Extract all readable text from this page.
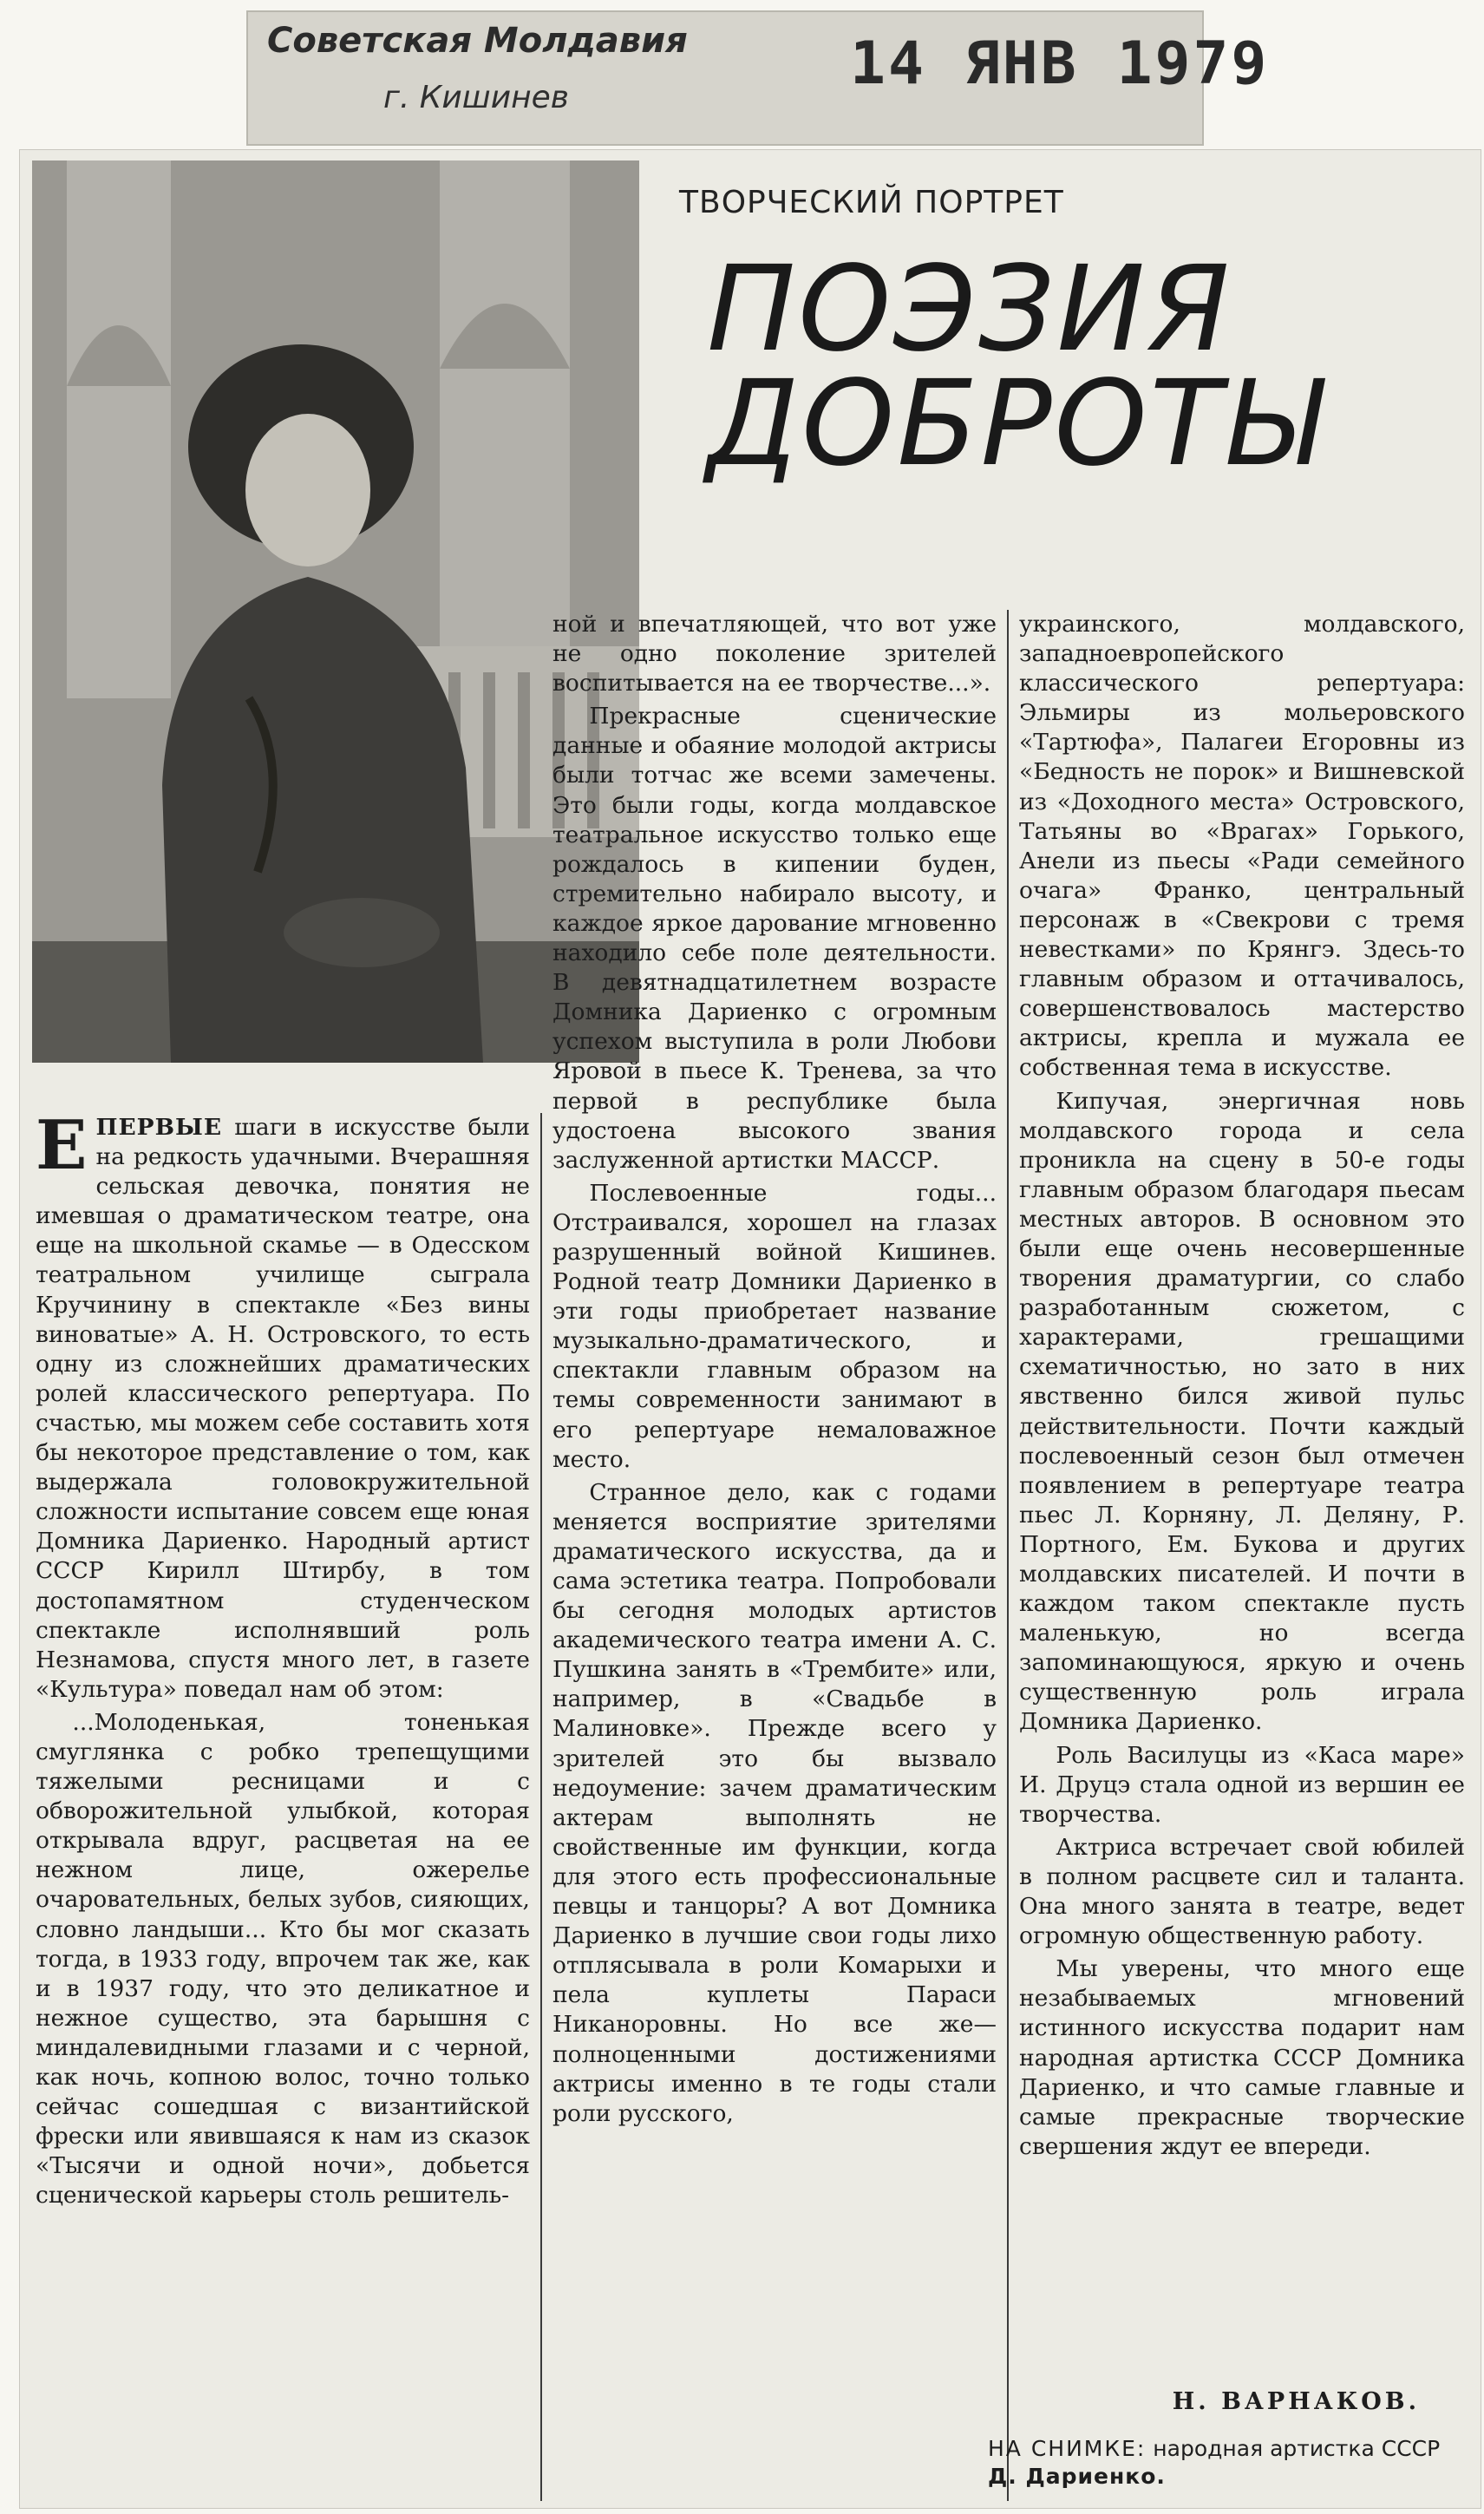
Советская Молдавия
г. Кишинев	14 ЯНВ 1979
ТВОРЧЕСКИЙ ПОРТРЕТ
ПОЭЗИЯ
ДОБРОТЫ

ЕПЕРВЫЕ шаги в искусстве были на редкость удачными. Вчерашняя сельская девочка, понятия не имевшая о драматическом театре, она еще на школьной скамье — в Одесском театральном училище сыграла Кручинину в спектакле «Без вины виноватые» А. Н. Островского, то есть одну из сложнейших драматических ролей классического репертуара. По счастью, мы можем себе составить хотя бы некоторое представление о том, как выдержала головокружительной сложности испытание совсем еще юная Домника Дариенко. Народный артист СССР Кирилл Штирбу, в том достопамятном студенческом спектакле исполнявший роль Незнамова, спустя много лет, в газете «Культура» поведал нам об этом:

...Молоденькая, тоненькая смуглянка с робко трепещущими тяжелыми ресницами и с обворожительной улыбкой, которая открывала вдруг, расцветая на ее нежном лице, ожерелье очаровательных, белых зубов, сияющих, словно ландыши... Кто бы мог сказать тогда, в 1933 году, впрочем так же, как и в 1937 году, что это деликатное и нежное существо, эта барышня с миндалевидными глазами и с черной, как ночь, копною волос, точно только сейчас сошедшая с византийской фрески или явившаяся к нам из сказок «Тысячи и одной ночи», добьется сценической карьеры столь решитель-

ной и впечатляющей, что вот уже не одно поколение зрителей воспитывается на ее творчестве...».

Прекрасные сценические данные и обаяние молодой актрисы были тотчас же всеми замечены. Это были годы, когда молдавское театральное искусство только еще рождалось в кипении буден, стремительно набирало высоту, и каждое яркое дарование мгновенно находило себе поле деятельности. В девятнадцатилетнем возрасте Домника Дариенко с огромным успехом выступила в роли Любови Яровой в пьесе К. Тренева, за что первой в республике была удостоена высокого звания заслуженной артистки МАССР.

Послевоенные годы... Отстраивался, хорошел на глазах разрушенный войной Кишинев. Родной театр Домники Дариенко в эти годы приобретает название музыкально-драматического, и спектакли главным образом на темы современности занимают в его репертуаре немаловажное место.

Странное дело, как с годами меняется восприятие зрителями драматического искусства, да и сама эстетика театра. Попробовали бы сегодня молодых артистов академического театра имени А. С. Пушкина занять в «Трембите» или, например, в «Свадьбе в Малиновке». Прежде всего у зрителей это бы вызвало недоумение: зачем драматическим актерам выполнять не свойственные им функции, когда для этого есть профессиональные певцы и танцоры? А вот Домника Дариенко в лучшие свои годы лихо отплясывала в роли Комарыхи и пела куплеты Параси Никаноровны. Но все же—полноценными достижениями актрисы именно в те годы стали роли русского,

украинского, молдавского, западноевропейского классического репертуара: Эльмиры из мольеровского «Тартюфа», Палагеи Егоровны из «Бедность не порок» и Вишневской из «Доходного места» Островского, Татьяны во «Врагах» Горького, Анели из пьесы «Ради семейного очага» Франко, центральный персонаж в «Свекрови с тремя невестками» по Крянгэ. Здесь-то главным образом и оттачивалось, совершенствовалось мастерство актрисы, крепла и мужала ее собственная тема в искусстве.

Кипучая, энергичная новь молдавского города и села проникла на сцену в 50-е годы главным образом благодаря пьесам местных авторов. В основном это были еще очень несовершенные творения драматургии, со слабо разработанным сюжетом, с характерами, грешащими схематичностью, но зато в них явственно бился живой пульс действительности. Почти каждый послевоенный сезон был отмечен появлением в репертуаре театра пьес Л. Корняну, Л. Деляну, Р. Портного, Ем. Букова и других молдавских писателей. И почти в каждом таком спектакле пусть маленькую, но всегда запоминающуюся, яркую и очень существенную роль играла Домника Дариенко.

Роль Василуцы из «Каса маре» И. Друцэ стала одной из вершин ее творчества.

Актриса встречает свой юбилей в полном расцвете сил и таланта. Она много занята в театре, ведет огромную общественную работу.

Мы уверены, что много еще незабываемых мгновений истинного искусства подарит нам народная артистка СССР Домника Дариенко, и что самые главные и самые прекрасные творческие свершения ждут ее впереди.

Н. ВАРНАКОВ.
НА СНИМКЕ: народная артистка СССР Д. Дариенко.
